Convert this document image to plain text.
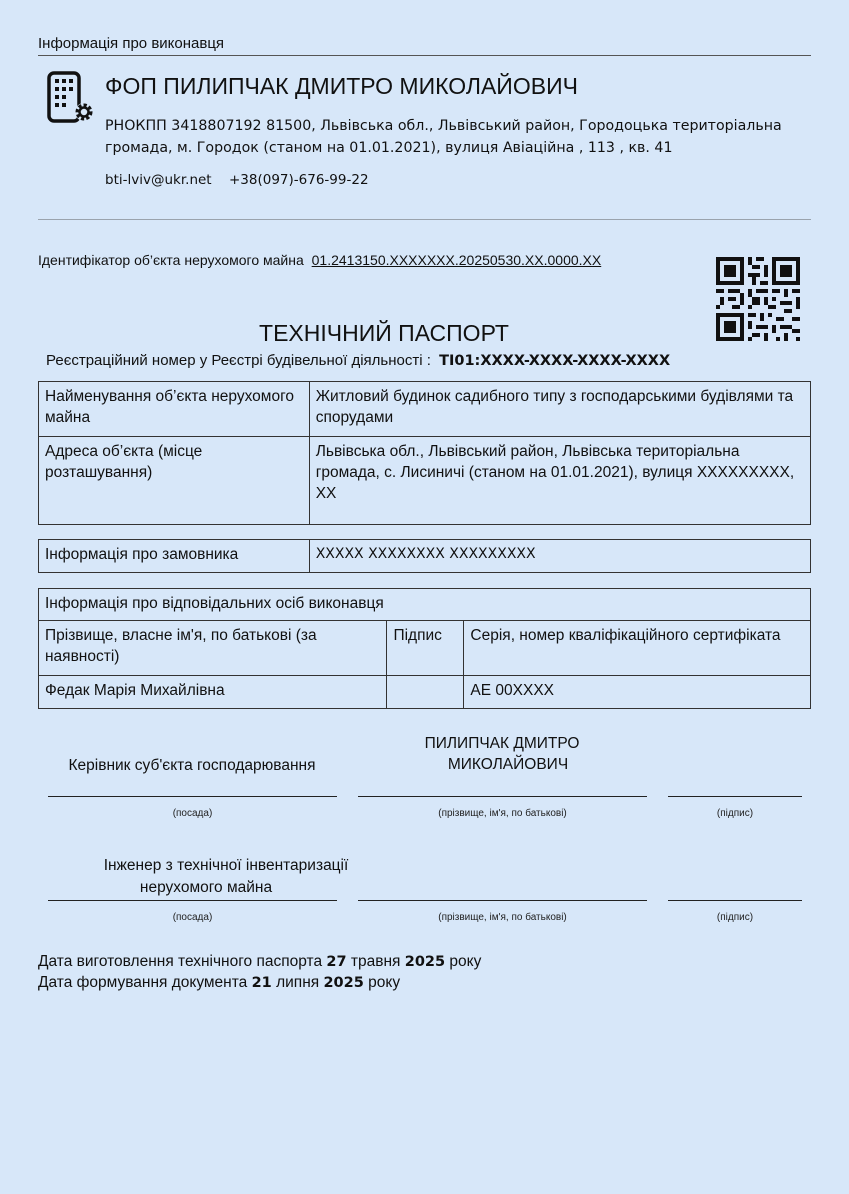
Інформація про виконавця
ФОП ПИЛИПЧАК ДМИТРО МИКОЛАЙОВИЧ
РНОКПП 3418807192 81500, Львівська обл., Львівський район, Городоцька територіальна
громада, м. Городок (станом на 01.01.2021), вулиця Авіаційна , 113 , кв. 41
bti-lviv@ukr.net +38(097)-676-99-22
Ідентифікатор об’єкта нерухомого майна 01.2413150.XXXXXXX.20250530.XX.0000.XX
ТЕХНІЧНИЙ ПАСПОРТ
Реєстраційний номер у Реєстрі будівельної діяльності : TI01:XXXX-XXXX-XXXX-XXXX
Найменування об’єкта нерухомого майна	Житловий будинок садибного типу з господарськими будівлями та спорудами
Адреса об’єкта (місце розташування)	Львівська обл., Львівський район, Львівська територіальна громада, с. Лисиничі (станом на 01.01.2021), вулиця XXXXXXXXX, XX
Інформація про замовника	XXXXX XXXXXXXX XXXXXXXXX
Інформація про відповідальних осіб виконавця		
Прізвище, власне ім'я, по батькові (за наявності)	Підпис	Серія, номер кваліфікаційного сертифіката
Федак Марія Михайлівна		АЕ 00XXXX
Керівник суб'єкта господарювання
ПИЛИПЧАК ДМИТРО
МИКОЛАЙОВИЧ
(посада)	(прізвище, ім'я, по батькові)	(підпис)
Інженер з технічної інвентаризації
нерухомого майна
(посада)	(прізвище, ім'я, по батькові)	(підпис)
Дата виготовлення технічного паспорта 27 травня 2025 року
Дата формування документа 21 липня 2025 року
